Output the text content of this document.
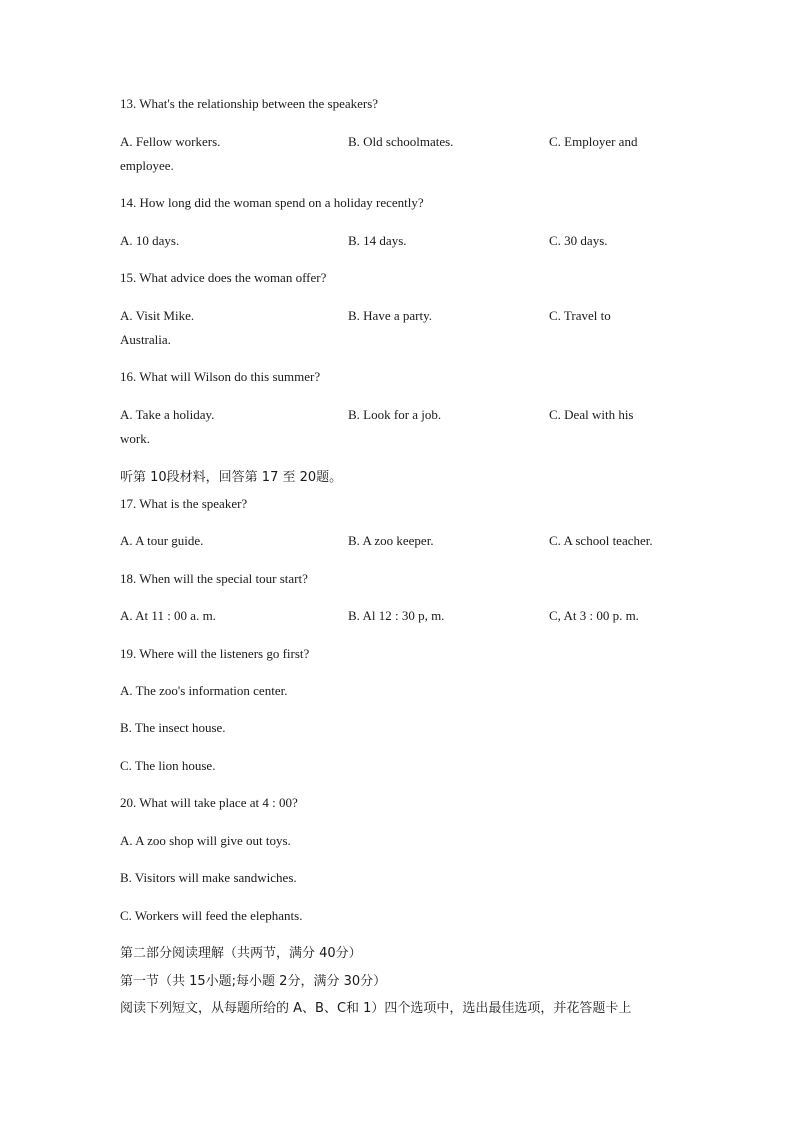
13. What's the relationship between the speakers?
A. Fellow workers.	B. Old schoolmates.	C. Employer and
employee.
14. How long did the woman spend on a holiday recently?
A. 10 days.	B. 14 days.	C. 30 days.
15. What advice does the woman offer?
A. Visit Mike.	B. Have a party.	C. Travel to
Australia.
16. What will Wilson do this summer?
A. Take a holiday.	B. Look for a job.	C. Deal with his
work.
听第 10段材料，回答第 17 至 20题。
17. What is the speaker?
A. A tour guide.	B. A zoo keeper.	C. A school teacher.
18. When will the special tour start?
A. At 11 : 00 a. m.	B. Al 12 : 30 p, m.	C, At 3 : 00 p. m.
19. Where will the listeners go first?
A. The zoo's information center.
B. The insect house.
C. The lion house.
20. What will take place at 4 : 00?
A. A zoo shop will give out toys.
B. Visitors will make sandwiches.
C. Workers will feed the elephants.
第二部分阅读理解（共两节，满分 40分）
第一节（共 15小题;每小题 2分，满分 30分）
阅读下列短文，从每题所给的 A、B、C和 1）四个选项中，选出最佳选项，并花答题卡上
